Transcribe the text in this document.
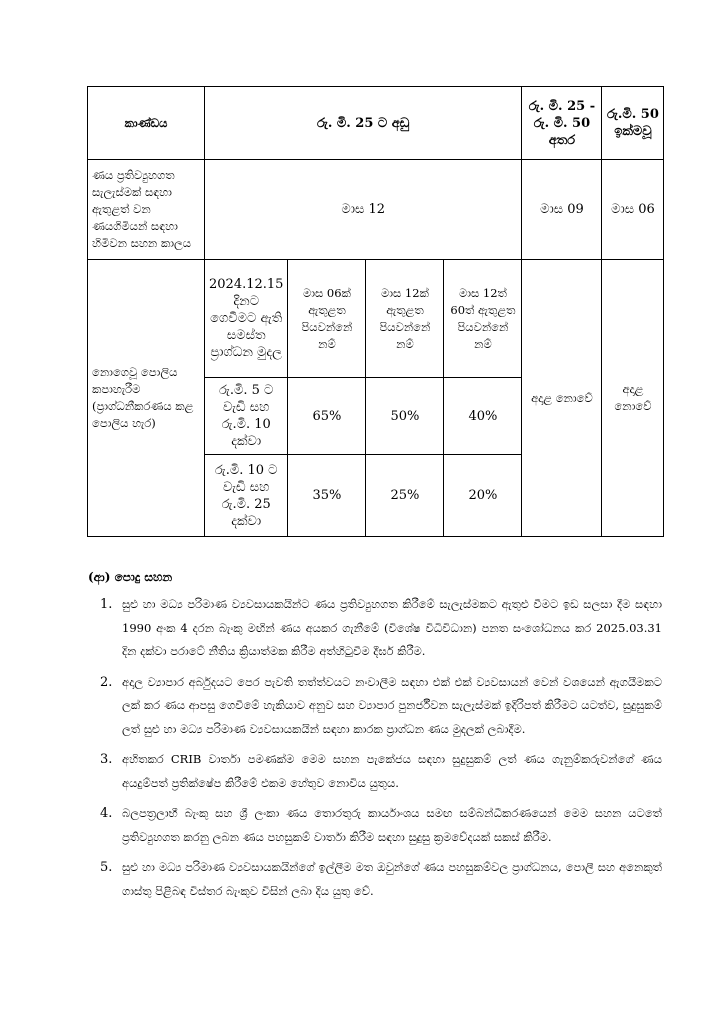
කාණ්ඩය	රු. මි. 25 ට අඩු				රු. මි. 25 - රු. මි. 50 අතර	රු.මි. 50 ඉක්මවූ
ණය ප්‍රතිව්‍යුහගත සැලැස්මක් සඳහා ඇතුළත් වන ණයගිමියන් සඳහා හිමිවන සහන කාලය	මාස 12				මාස 09	මාස 06
නොගෙවූ පොලිය කපාහැරීම (ප්‍රාග්ධනීකරණය කළ පොලිය හැර)	2024.12.15 දිනට ගෙවීමට ඇති සමස්ත ප්‍රාග්ධන මුදල	මාස 06ක් ඇතුළත පියවන්නේ නම්	මාස 12ක් ඇතුළත පියවන්නේ නම්	මාස 12ත් 60ත් ඇතුළත පියවන්නේ නම්	අදාළ නොවේ	අදාළ නොවේ
	රු.මි. 5 ට වැඩි සහ රු.මි. 10 දක්වා	65%	50%	40%		
	රු.මි. 10 ට වැඩි සහ රු.මි. 25 දක්වා	35%	25%	20%		
(ආ) පොදු සහන
1. සුළු හා මධ්‍ය පරිමාණ ව්‍යවසායකයින්ට ණය ප්‍රතිව්‍යුහගත කිරීමේ සැලැස්මකට ඇතුළු වීමට ඉඩ සලසා දීම සඳහා 1990 අංක 4 දරන බැංකු මඟින් ණය අයකර ගැනීමේ (විශේෂ විධිවිධාන) පනත සංශෝධනය කර 2025.03.31 දින දක්වා පරාටේ නීතිය ක්‍රියාත්මක කිරීම අත්හිටුවීම දීර්ඝ කිරීම.
2. අදාල ව්‍යාපාර අර්බුදයට පෙර පැවති තත්ත්වයට නංවාලීම සඳහා එක් එක් ව්‍යවසායන් වෙන් වශයෙන් ඇගයීමකට ලක් කර ණය ආපසු ගෙවීමේ හැකියාව අනුව සහ ව්‍යාපාර පුනර්ජීවන සැලැස්මක් ඉදිරිපත් කිරීමට යටත්ව, සුදුසුකම් ලත් සුළු හා මධ්‍ය පරිමාණ ව්‍යවසායකයින් සඳහා කාරක ප්‍රාග්ධන ණය මුදලක් ලබාදීම.
3. අහිතකර CRIB වාර්තා පමණක්ම මෙම සහන පැකේජය සඳහා සුදුසුකම් ලත් ණය ගැනුම්කරුවන්ගේ ණය අයදුම්පත් ප්‍රතික්ෂේප කිරීමේ එකම හේතුව නොවිය යුතුය.
4. බලපත්‍රලාභී බැංකු සහ ශ්‍රී ලංකා ණය තොරතුරු කාර්යාංශය සමඟ සම්බන්ධීකරණයෙන් මෙම සහන යටතේ ප්‍රතිව්‍යුහගත කරනු ලබන ණය පහසුකම් වාර්තා කිරීම සඳහා සුදුසු ක්‍රමවේදයක් සකස් කිරීම.
5. සුළු හා මධ්‍ය පරිමාණ ව්‍යවසායකයින්ගේ ඉල්ලීම මත ඔවුන්ගේ ණය පහසුකම්වල ප්‍රාග්ධනය, පොලී සහ අනෙකුත් ගාස්තු පිළිබඳ විස්තර බැංකුව විසින් ලබා දිය යුතු වේ.
